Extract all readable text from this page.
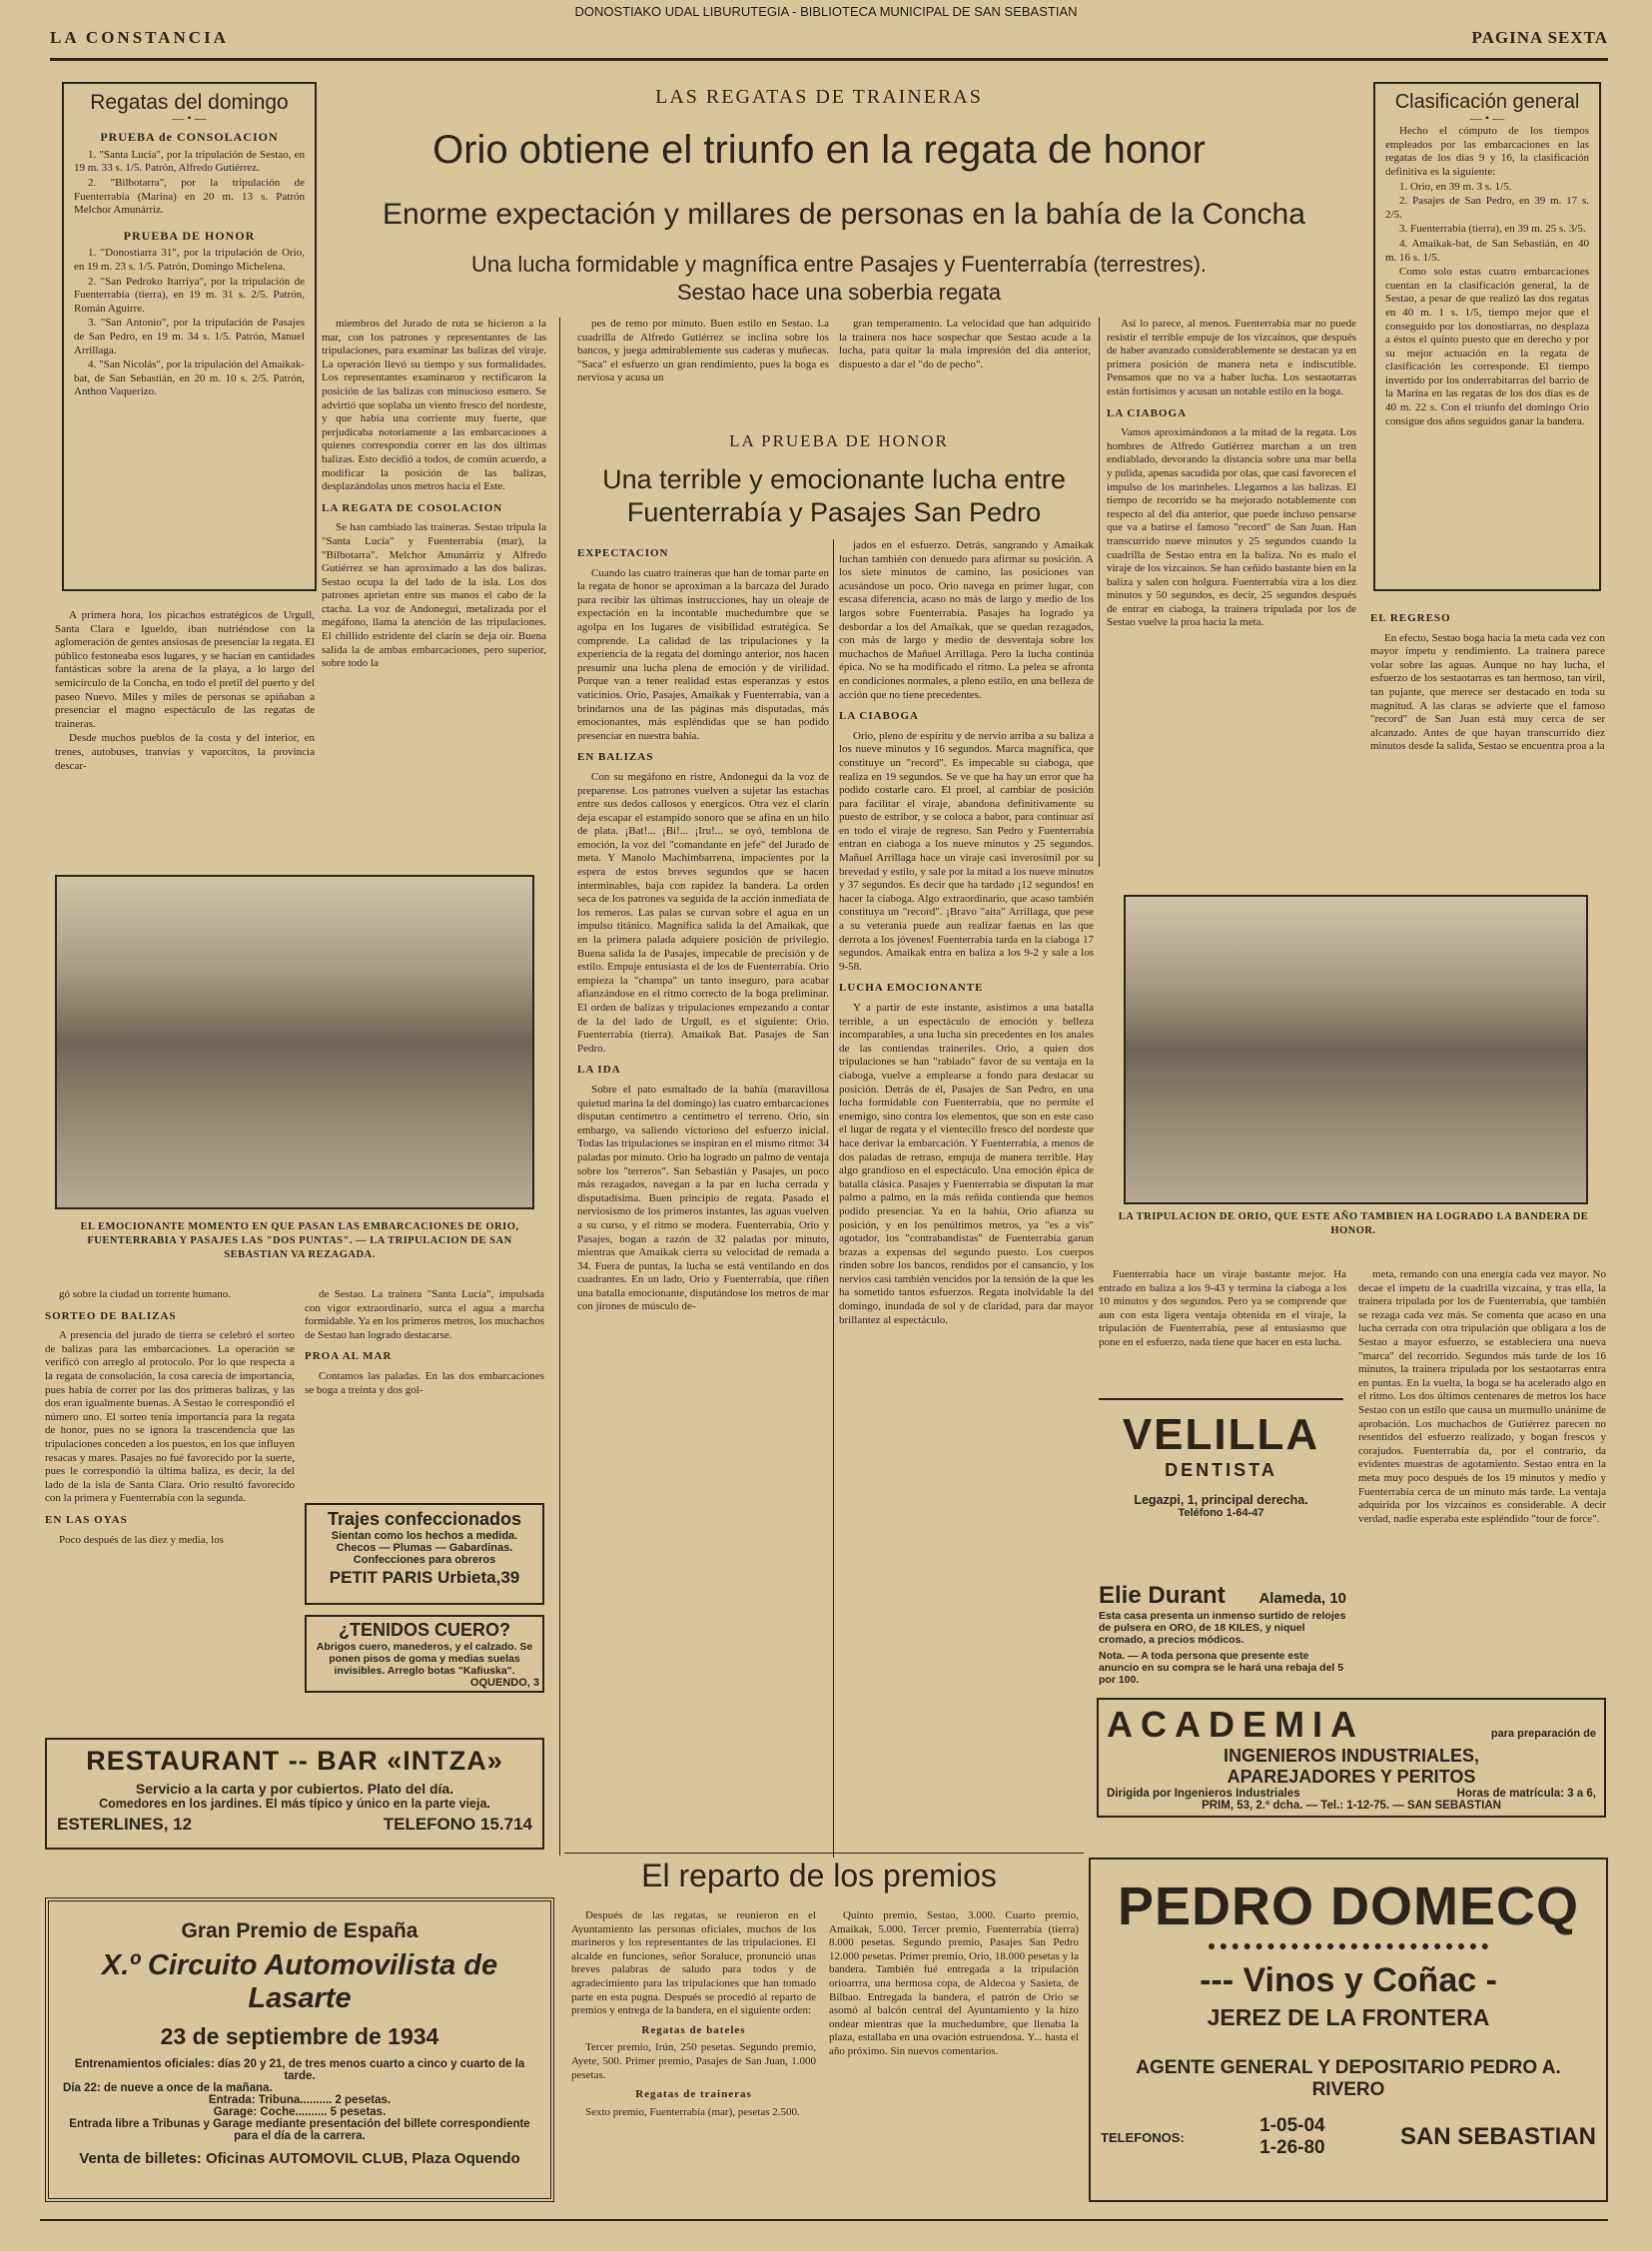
DONOSTIAKO UDAL LIBURUTEGIA - BIBLIOTECA MUNICIPAL DE SAN SEBASTIAN
LA CONSTANCIA	PAGINA SEXTA
Regatas del domingo
— • —
PRUEBA de CONSOLACION

1. "Santa Lucía", por la tripulación de Sestao, en 19 m. 33 s. 1/5. Patrón, Alfredo Gutiérrez.

2. "Bilbotarra", por la tripulación de Fuenterrabía (Marina) en 20 m. 13 s. Patrón Melchor Amunárriz.

PRUEBA DE HONOR

1. "Donostiarra 31", por la tripulación de Orio, en 19 m. 23 s. 1/5. Patrón, Domingo Michelena.

2. "San Pedroko Itarriya", por la tripulación de Fuenterrabía (tierra), en 19 m. 31 s. 2/5. Patrón, Román Aguirre.

3. "San Antonio", por la tripulación de Pasajes de San Pedro, en 19 m. 34 s. 1/5. Patrón, Manuel Arrillaga.

4. "San Nicolás", por la tripulación del Amaikak-bat, de San Sebastián, en 20 m. 10 s. 2/5. Patrón, Anthon Vaquerizo.

LAS REGATAS DE TRAINERAS
Orio obtiene el triunfo en la regata de honor
Enorme expectación y millares de personas en la bahía de la Concha
Una lucha formidable y magnífica entre Pasajes y Fuenterrabía (terrestres).
Sestao hace una soberbia regata
Clasificación general
— • —

Hecho el cómputo de los tiempos empleados por las embarcaciones en las regatas de los días 9 y 16, la clasificación definitiva es la siguiente:

1. Orio, en 39 m. 3 s. 1/5.

2. Pasajes de San Pedro, en 39 m. 17 s. 2/5.

3. Fuenterrabía (tierra), en 39 m. 25 s. 3/5.

4. Amaikak-bat, de San Sebastián, en 40 m. 16 s. 1/5.

Como solo estas cuatro embarcaciones cuentan en la clasificación general, la de Sestao, a pesar de que realizó las dos regatas en 40 m. 1 s. 1/5, tiempo mejor que el conseguido por los donostiarras, no desplaza a éstos el quinto puesto que en derecho y por su mejor actuación en la regata de clasificación les corresponde. El tiempo invertido por los onderrabitarras del barrio de la Marina en las regatas de los dos días es de 40 m. 22 s. Con el triunfo del domingo Orio consigue dos años seguidos ganar la bandera.

A primera hora, los picachos estratégicos de Urgull, Santa Clara e Igueldo, iban nutriéndose con la aglomeración de gentes ansiosas de presenciar la regata. El público festoneaba esos lugares, y se hacían en cantidades fantásticas sobre la arena de la playa, a lo largo del semicírculo de la Concha, en todo el pretil del puerto y del paseo Nuevo. Miles y miles de personas se apiñaban a presenciar el magno espectáculo de las regatas de traineras.

Desde muchos pueblos de la costa y del interior, en trenes, autobuses, tranvías y vaporcitos, la provincia descar-

EL EMOCIONANTE MOMENTO EN QUE PASAN LAS EMBARCACIONES DE ORIO, FUENTERRABIA Y PASAJES LAS "DOS PUNTAS". — LA TRIPULACION DE SAN SEBASTIAN VA REZAGADA.

miembros del Jurado de ruta se hicieron a la mar, con los patrones y representantes de las tripulaciones, para examinar las balizas del viraje. La operación llevó su tiempo y sus formalidades. Los representantes examinaron y rectificaron la posición de las balizas con minucioso esmero. Se advirtió que soplaba un viento fresco del nordeste, y que había una corriente muy fuerte, que perjudicaba notoriamente a las embarcaciones a quienes correspondía correr en las dos últimas balizas. Esto decidió a todos, de común acuerdo, a modificar la posición de las balizas, desplazándolas unos metros hacia el Este.

LA REGATA DE COSOLACION

Se han cambiado las traineras. Sestao tripula la "Santa Lucía" y Fuenterrabía (mar), la "Bilbotarra". Melchor Amunárriz y Alfredo Gutiérrez se han aproximado a las dos balizas. Sestao ocupa la del lado de la isla. Los dos patrones aprietan entre sus manos el cabo de la ctacha. La voz de Andonegui, metalizada por el megáfono, llama la atención de las tripulaciones. El chillido estridente del clarín se deja oír. Buena salida la de ambas embarcaciones, pero superior, sobre todo la

gó sobre la ciudad un torrente humano.

SORTEO DE BALIZAS

A presencia del jurado de tierra se celebró el sorteo de balizas para las embarcaciones. La operación se verificó con arreglo al protocolo. Por lo que respecta a la regata de consolación, la cosa carecía de importancia, pues había de correr por las dos primeras balizas, y las dos eran igualmente buenas. A Sestao le correspondió el número uno. El sorteo tenía importancia para la regata de honor, pues no se ignora la trascendencia que las tripulaciones conceden a los puestos, en los que influyen resacas y mares. Pasajes no fué favorecido por la suerte, pues le correspondió la última baliza, es decir, la del lado de la isla de Santa Clara. Orio resultó favorecido con la primera y Fuenterrabía con la segunda.

EN LAS OYAS

Poco después de las diez y media, los

de Sestao. La trainera "Santa Lucía", impulsada con vigor extraordinario, surca el agua a marcha formidable. Ya en los primeros metros, los muchachos de Sestao han logrado destacarse.

PROA AL MAR

Contamos las paladas. En las dos embarcaciones se boga a treinta y dos gol-

Trajes confeccionados
Sientan como los hechos a medida.
Checos — Plumas — Gabardinas.
Confecciones para obreros
PETIT PARIS Urbieta,39
¿TENIDOS CUERO?
Abrigos cuero, manederos, y el calzado. Se ponen pisos de goma y medias suelas invisibles. Arreglo botas "Kafiuska".
OQUENDO, 3
RESTAURANT -- BAR «INTZA»
Servicio a la carta y por cubiertos. Plato del día.
Comedores en los jardines. El más típico y único en la parte vieja.
ESTERLINES, 12	TELEFONO 15.714
Gran Premio de España
X.º Circuito Automovilista de Lasarte
23 de septiembre de 1934
Entrenamientos oficiales: días 20 y 21, de tres menos cuarto a cinco y cuarto de la tarde.
Día 22: de nueve a once de la mañana.
Entrada: Tribuna.......... 2 pesetas.
Garage: Coche.......... 5 pesetas.
Entrada libre a Tribunas y Garage mediante presentación del billete correspondiente para el día de la carrera.
Venta de billetes: Oficinas AUTOMOVIL CLUB, Plaza Oquendo

pes de remo por minuto. Buen estilo en Sestao. La cuadrilla de Alfredo Gutiérrez se inclina sobre los bancos, y juega admirablemente sus caderas y muñecas. "Saca" el esfuerzo un gran rendimiento, pues la boga es nerviosa y acusa un

gran temperamento. La velocidad que han adquirido la trainera nos hace sospechar que Sestao acude a la lucha, para quitar la mala impresión del día anterior, dispuesto a dar el "do de pecho".

LA PRUEBA DE HONOR
Una terrible y emocionante lucha entre Fuenterrabía y Pasajes San Pedro
EXPECTACION

Cuando las cuatro traineras que han de tomar parte en la regata de honor se aproximan a la barcaza del Jurado para recibir las últimas instrucciones, hay un oleaje de expectación en la incontable muchedumbre que se agolpa en los lugares de visibilidad estratégica. Se comprende. La calidad de las tripulaciones y la experiencia de la regata del domingo anterior, nos hacen presumir una lucha plena de emoción y de virilidad. Porque van a tener realidad estas esperanzas y estos vaticinios. Orio, Pasajes, Amaikak y Fuenterrabía, van a brindarnos una de las páginas más disputadas, más emocionantes, más espléndidas que se han podido presenciar en nuestra bahía.

EN BALIZAS

Con su megáfono en ristre, Andonegui da la voz de preparense. Los patrones vuelven a sujetar las estachas entre sus dedos callosos y energicos. Otra vez el clarín deja escapar el estampido sonoro que se afina en un hilo de plata. ¡Bat!... ¡Bi!... ¡Iru!... se oyó, temblona de emoción, la voz del "comandante en jefe" del Jurado de meta. Y Manolo Machimbarrena, impacientes por la espera de estos breves segundos que se hacen interminables, baja con rapidez la bandera. La orden seca de los patrones va seguida de la acción inmediata de los remeros. Las palas se curvan sobre el agua en un impulso titánico. Magnífica salida la del Amaikak, que en la primera palada adquiere posición de privilegio. Buena salida la de Pasajes, impecable de precisión y de estilo. Empuje entusiasta el de los de Fuenterrabía. Orio empieza la "champa" un tanto inseguro, para acabar afianzándose en el ritmo correcto de la boga preliminar. El orden de balizas y tripulaciones empezando a contar de la del lado de Urgull, es el siguiente: Orio. Fuenterrabía (tierra). Amaikak Bat. Pasajes de San Pedro.

LA IDA

Sobre el pato esmaltado de la bahía (maravillosa quietud marina la del domingo) las cuatro embarcaciones disputan centímetro a centímetro el terreno. Orio, sin embargo, va saliendo victorioso del esfuerzo inicial. Todas las tripulaciones se inspiran en el mismo ritmo: 34 paladas por minuto. Orio ha logrado un palmo de ventaja sobre los "terreros". San Sebastián y Pasajes, un poco más rezagados, navegan a la par en lucha cerrada y disputadísima. Buen principio de regata. Pasado el nerviosismo de los primeros instantes, las aguas vuelven a su curso, y el ritmo se modera. Fuenterrabía, Orio y Pasajes, bogan a razón de 32 paladas por minuto, mientras que Amaikak cierra su velocidad de remada a 34. Fuera de puntas, la lucha se está ventilando en dos cuadrantes. En un lado, Orio y Fuenterrabía, que riñen una batalla emocionante, disputándose los metros de mar con jirones de músculo de-

jados en el esfuerzo. Detrás, sangrando y Amaikak luchan también con denuedo para afirmar su posición. A los siete minutos de camino, las posiciones van acusándose un poco. Orio navega en primer lugar, con escasa diferencia, acaso no más de largo y medio de los largos sobre Fuenterrabía. Pasajes ha logrado ya desbordar a los del Amaikak, que se quedan rezagados, con más de largo y medio de desventaja sobre los muchachos de Mañuel Arrillaga. Pero la lucha continúa épica. No se ha modificado el ritmo. La pelea se afronta en condiciones normales, a pleno estilo, en una belleza de acción que no tiene precedentes.

LA CIABOGA

Orio, pleno de espíritu y de nervio arriba a su baliza a los nueve minutos y 16 segundos. Marca magnífica, que constituye un "record". Es impecable su ciaboga, que realiza en 19 segundos. Se ve que ha hay un error que ha podido costarle caro. El proel, al cambiar de posición para facilitar el viraje, abandona definitivamente su puesto de estribor, y se coloca a babor, para continuar así en todo el viraje de regreso. San Pedro y Fuenterrabía entran en ciaboga a los nueve minutos y 25 segundos. Mañuel Arrillaga hace un viraje casi inverosímil por su brevedad y estilo, y sale por la mitad a los nueve minutos y 37 segundos. Es decir que ha tardado ¡12 segundos! en hacer la ciaboga. Algo extraordinario, que acaso también constituya un "record". ¡Bravo "aita" Arrillaga, que pese a su veteranía puede aun realizar faenas en las que derrota a los jóvenes! Fuenterrabía tarda en la ciaboga 17 segundos. Amaikak entra en baliza a los 9-2 y sale a los 9-58.

LUCHA EMOCIONANTE

Y a partir de este instante, asistimos a una batalla terrible, a un espectáculo de emoción y belleza incomparables, a una lucha sin precedentes en los anales de las contiendas traineriles. Orio, a quien dos tripulaciones se han "rabiado" favor de su ventaja en la ciaboga, vuelve a emplearse a fondo para destacar su posición. Detrás de él, Pasajes de San Pedro, en una lucha formidable con Fuenterrabía, que no permite el enemigo, sino contra los elementos, que son en este caso el lugar de regata y el vientecillo fresco del nordeste que hace derivar la embarcación. Y Fuenterrabía, a menos de dos paladas de retraso, empuja de manera terrible. Hay algo grandioso en el espectáculo. Una emoción épica de batalla clásica. Pasajes y Fuenterrabía se disputan la mar palmo a palmo, en la más reñida contienda que hemos podido presenciar. Ya en la bahía, Orio afianza su posición, y en los penúltimos metros, ya "es a vis" agotador, los "contrabandistas" de Fuenterrabía ganan brazas a expensas del segundo puesto. Los cuerpos rinden sobre los bancos, rendidos por el cansancio, y los nervios casi también vencidos por la tensión de la que les ha sometido tantos esfuerzos. Regata inolvidable la del domingo, inundada de sol y de claridad, para dar mayor brillantez al espectáculo.

Así lo parece, al menos. Fuenterrabía mar no puede resistir el terrible empuje de los vizcaínos, que después de haber avanzado considerablemente se destacan ya en primera posición de manera neta e indiscutible. Pensamos que no va a haber lucha. Los sestaotarras están fortísimos y acusan un notable estilo en la boga.

LA CIABOGA

Vamos aproximándonos a la mitad de la regata. Los hombres de Alfredo Gutiérrez marchan a un tren endiablado, devorando la distancia sobre una mar bella y pulida, apenas sacudida por olas, que casi favorecen el impulso de los marinheles. Llegamos a las balizas. El tiempo de recorrido se ha mejorado notablemente con respecto al del día anterior, que puede incluso pensarse que va a batirse el famoso "record" de San Juan. Han transcurrido nueve minutos y 25 segundos cuando la cuadrilla de Sestao entra en la baliza. No es malo el viraje de los vizcaínos. Se han ceñido bastante bien en la baliza y salen con holgura. Fuenterrabía vira a los diez minutos y 50 segundos, es decir, 25 segundos después de entrar en ciaboga, la trainera tripulada por los de Sestao vuelve la proa hacia la meta.	EL REGRESO

En efecto, Sestao boga hacia la meta cada vez con mayor ímpetu y rendimiento. La trainera parece volar sobre las aguas. Aunque no hay lucha, el esfuerzo de los sestaotarras es tan hermoso, tan viril, tan pujante, que merece ser destacado en toda su magnitud. A las claras se advierte que el famoso "record" de San Juan está muy cerca de ser alcanzado. Antes de que hayan transcurrido diez minutos desde la salida, Sestao se encuentra proa a la

LA TRIPULACION DE ORIO, QUE ESTE AÑO TAMBIEN HA LOGRADO LA BANDERA DE HONOR.

Fuenterrabía hace un viraje bastante mejor. Ha entrado en baliza a los 9-43 y termina la ciaboga a los 10 minutos y dos segundos. Pero ya se comprende que aun con esta ligera ventaja obtenida en el viraje, la tripulación de Fuenterrabía, pese al entusiasmo que pone en el esfuerzo, nada tiene que hacer en esta lucha.

meta, remando con una energía cada vez mayor. No decae el ímpetu de la cuadrilla vizcaína, y tras ella, la trainera tripulada por los de Fuenterrabía, que también se rezaga cada vez más. Se comenta que acaso en una lucha cerrada con otra tripulación que obligara a los de Sestao a mayor esfuerzo, se estableciera una nueva "marca" del recorrido. Segundos más tarde de los 16 minutos, la trainera tripulada por los sestaotarras entra en puntas. En la vuelta, la boga se ha acelerado algo en el ritmo. Los dos últimos centenares de metros los hace Sestao con un estilo que causa un murmullo unánime de aprobación. Los muchachos de Gutiérrez parecen no resentidos del esfuerzo realizado, y bogan frescos y corajudos. Fuenterrabía da, por el contrario, da evidentes muestras de agotamiento. Sestao entra en la meta muy poco después de los 19 minutos y medio y Fuenterrabía cerca de un minuto más tarde. La ventaja adquirida por los vizcaínos es considerable. A decir verdad, nadie esperaba este espléndido "tour de force".

VELILLA
DENTISTA
Legazpi, 1, principal derecha.
Teléfono 1-64-47
Elie Durant Alameda, 10
Esta casa presenta un inmenso surtido de relojes de pulsera en ORO, de 18 KILES, y niquel cromado, a precios módicos.
Nota. — A toda persona que presente este anuncio en su compra se le hará una rebaja del 5 por 100.
ACADEMIA	para preparación de
INGENIEROS INDUSTRIALES,
APAREJADORES Y PERITOS
Dirigida por Ingenieros Industriales	Horas de matrícula: 3 a 6,
PRIM, 53, 2.º dcha. — Tel.: 1-12-75. — SAN SEBASTIAN
PEDRO DOMECQ
--- Vinos y Coñac -
JEREZ DE LA FRONTERA
AGENTE GENERAL Y DEPOSITARIO PEDRO A. RIVERO
TELEFONOS:
1-05-04
1-26-80	SAN SEBASTIAN
El reparto de los premios

Después de las regatas, se reunieron en el Ayuntamiento las personas oficiales, muchos de los marineros y los representantes de las tripulaciones. El alcalde en funciones, señor Soraluce, pronunció unas breves palabras de saludo para todos y de agradecimiento para las tripulaciones que han tomado parte en esta pugna. Después se procedió al reparto de premios y entrega de la bandera, en el siguiente orden:

Regatas de bateles

Tercer premio, Irún, 250 pesetas. Segundo premio, Ayete, 500. Primer premio, Pasajes de San Juan, 1.000 pesetas.

Regatas de traineras

Sexto premio, Fuenterrabía (mar), pesetas 2.500.

Quinto premio, Sestao, 3.000. Cuarto premio, Amaikak, 5.000. Tercer premio, Fuenterrabía (tierra) 8.000 pesetas. Segundo premio, Pasajes San Pedro 12.000 pesetas. Primer premio, Orio, 18.000 pesetas y la bandera. También fué entregada a la tripulación orioarrra, una hermosa copa, de Aldecoa y Sasieta, de Bilbao. Entregada la bandera, el patrón de Orio se asomó al balcón central del Ayuntamiento y la hizo ondear mientras que la muchedumbre, que llenaba la plaza, estallaba en una ovación estruendosa. Y... hasta el año próximo. Sin nuevos comentarios.
